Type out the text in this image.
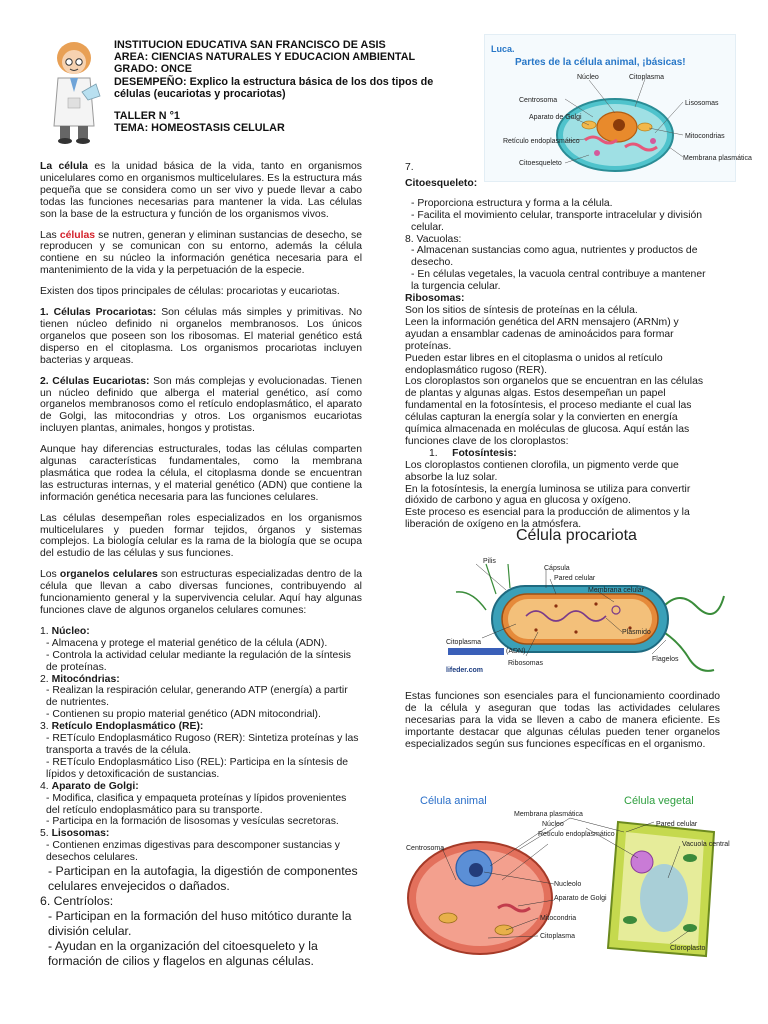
INSTITUCION EDUCATIVA SAN FRANCISCO DE ASIS
AREA: CIENCIAS NATURALES Y EDUCACION AMBIENTAL
GRADO: ONCE
DESEMPEÑO: Explico la estructura básica de los dos tipos de
células (eucariotas y procariotas)
TALLER N °1
TEMA: HOMEOSTASIS CELULAR
Luca.
Partes de la célula animal, ¡básicas!
Núcleo	Citoplasma
Centrosoma	Lisosomas
Aparato de Golgi
Mitocondrias
Retículo endoplasmático
Citoesqueleto
Membrana plasmática
La célula es la unidad básica de la vida, tanto en organismos unicelulares como en organismos multicelulares. Es la estructura más pequeña que se considera como un ser vivo y puede llevar a cabo todas las funciones necesarias para mantener la vida. Las células son la base de la estructura y función de los organismos vivos.
Las células se nutren, generan y eliminan sustancias de desecho, se reproducen y se comunican con su entorno, además la célula contiene en su núcleo la información genética necesaria para el mantenimiento de la vida y la perpetuación de la especie.
Existen dos tipos principales de células: procariotas y eucariotas.
1. Células Procariotas: Son células más simples y primitivas. No tienen núcleo definido ni organelos membranosos. Los únicos organelos que poseen son los ribosomas. El material genético está disperso en el citoplasma. Los organismos procariotas incluyen bacterias y arqueas.
2. Células Eucariotas: Son más complejas y evolucionadas. Tienen un núcleo definido que alberga el material genético, así como organelos membranosos como el retículo endoplasmático, el aparato de Golgi, las mitocondrias y otros. Los organismos eucariotas incluyen plantas, animales, hongos y protistas.
Aunque hay diferencias estructurales, todas las células comparten algunas características fundamentales, como la membrana plasmática que rodea la célula, el citoplasma donde se encuentran las estructuras internas, y el material genético (ADN) que contiene la información genética necesaria para las funciones celulares.
Las células desempeñan roles especializados en los organismos multicelulares y pueden formar tejidos, órganos y sistemas complejos. La biología celular es la rama de la biología que se ocupa del estudio de las células y sus funciones.
Los organelos celulares son estructuras especializadas dentro de la célula que llevan a cabo diversas funciones, contribuyendo al funcionamiento general y la supervivencia celular. Aquí hay algunas funciones clave de algunos organelos celulares comunes:
1. Núcleo:
- Almacena y protege el material genético de la célula (ADN).
- Controla la actividad celular mediante la regulación de la síntesis de proteínas.
2. Mitocóndrias:
- Realizan la respiración celular, generando ATP (energía) a partir de nutrientes.
- Contienen su propio material genético (ADN mitocondrial).
3. Retículo Endoplasmático (RE):
- RETículo Endoplasmático Rugoso (RER): Sintetiza proteínas y las transporta a través de la célula.
- RETículo Endoplasmático Liso (REL): Participa en la síntesis de lípidos y detoxificación de sustancias.
4. Aparato de Golgi:
- Modifica, clasifica y empaqueta proteínas y lípidos provenientes del retículo endoplasmático para su transporte.
- Participa en la formación de lisosomas y vesículas secretoras.
5. Lisosomas:
- Contienen enzimas digestivas para descomponer sustancias y desechos celulares.
- Participan en la autofagia, la digestión de componentes celulares envejecidos o dañados.
6. Centríolos:
- Participan en la formación del huso mitótico durante la división celular.
- Ayudan en la organización del citoesqueleto y la formación de cilios y flagelos en algunas células.
7.
Citoesqueleto:
- Proporciona estructura y forma a la célula.
- Facilita el movimiento celular, transporte intracelular y división celular.
8. Vacuolas:
- Almacenan sustancias como agua, nutrientes y productos de desecho.
- En células vegetales, la vacuola central contribuye a mantener la turgencia celular.
Ribosomas:
Son los sitios de síntesis de proteínas en la célula.
Leen la información genética del ARN mensajero (ARNm) y ayudan a ensamblar cadenas de aminoácidos para formar proteínas.
Pueden estar libres en el citoplasma o unidos al retículo endoplasmático rugoso (RER).
Los cloroplastos son organelos que se encuentran en las células de plantas y algunas algas. Estos desempeñan un papel fundamental en la fotosíntesis, el proceso mediante el cual las células capturan la energía solar y la convierten en energía química almacenada en moléculas de glucosa. Aquí están las funciones clave de los cloroplastos:
1. Fotosíntesis:
Los cloroplastos contienen clorofila, un pigmento verde que absorbe la luz solar.
En la fotosíntesis, la energía luminosa se utiliza para convertir dióxido de carbono y agua en glucosa y oxígeno.
Este proceso es esencial para la producción de alimentos y la liberación de oxígeno en la atmósfera.
Célula procariota
Pilis
Cápsula
Pared celular
Membrana celular
Citoplasma
(ADN)
Plásmido
Ribosomas
Flagelos
lifeder.com
Estas funciones son esenciales para el funcionamiento coordinado de la célula y aseguran que todas las actividades celulares necesarias para la vida se lleven a cabo de manera eficiente. Es importante destacar que algunas células pueden tener organelos especializados según sus funciones específicas en el organismo.
Célula animal	Célula vegetal
Membrana plasmática
Núcleo
Retículo endoplasmático
Pared celular
Centrosoma
Vacuola central
Nucleolo
Aparato de Golgi
Mitocondria
Citoplasma
Cloroplasto
